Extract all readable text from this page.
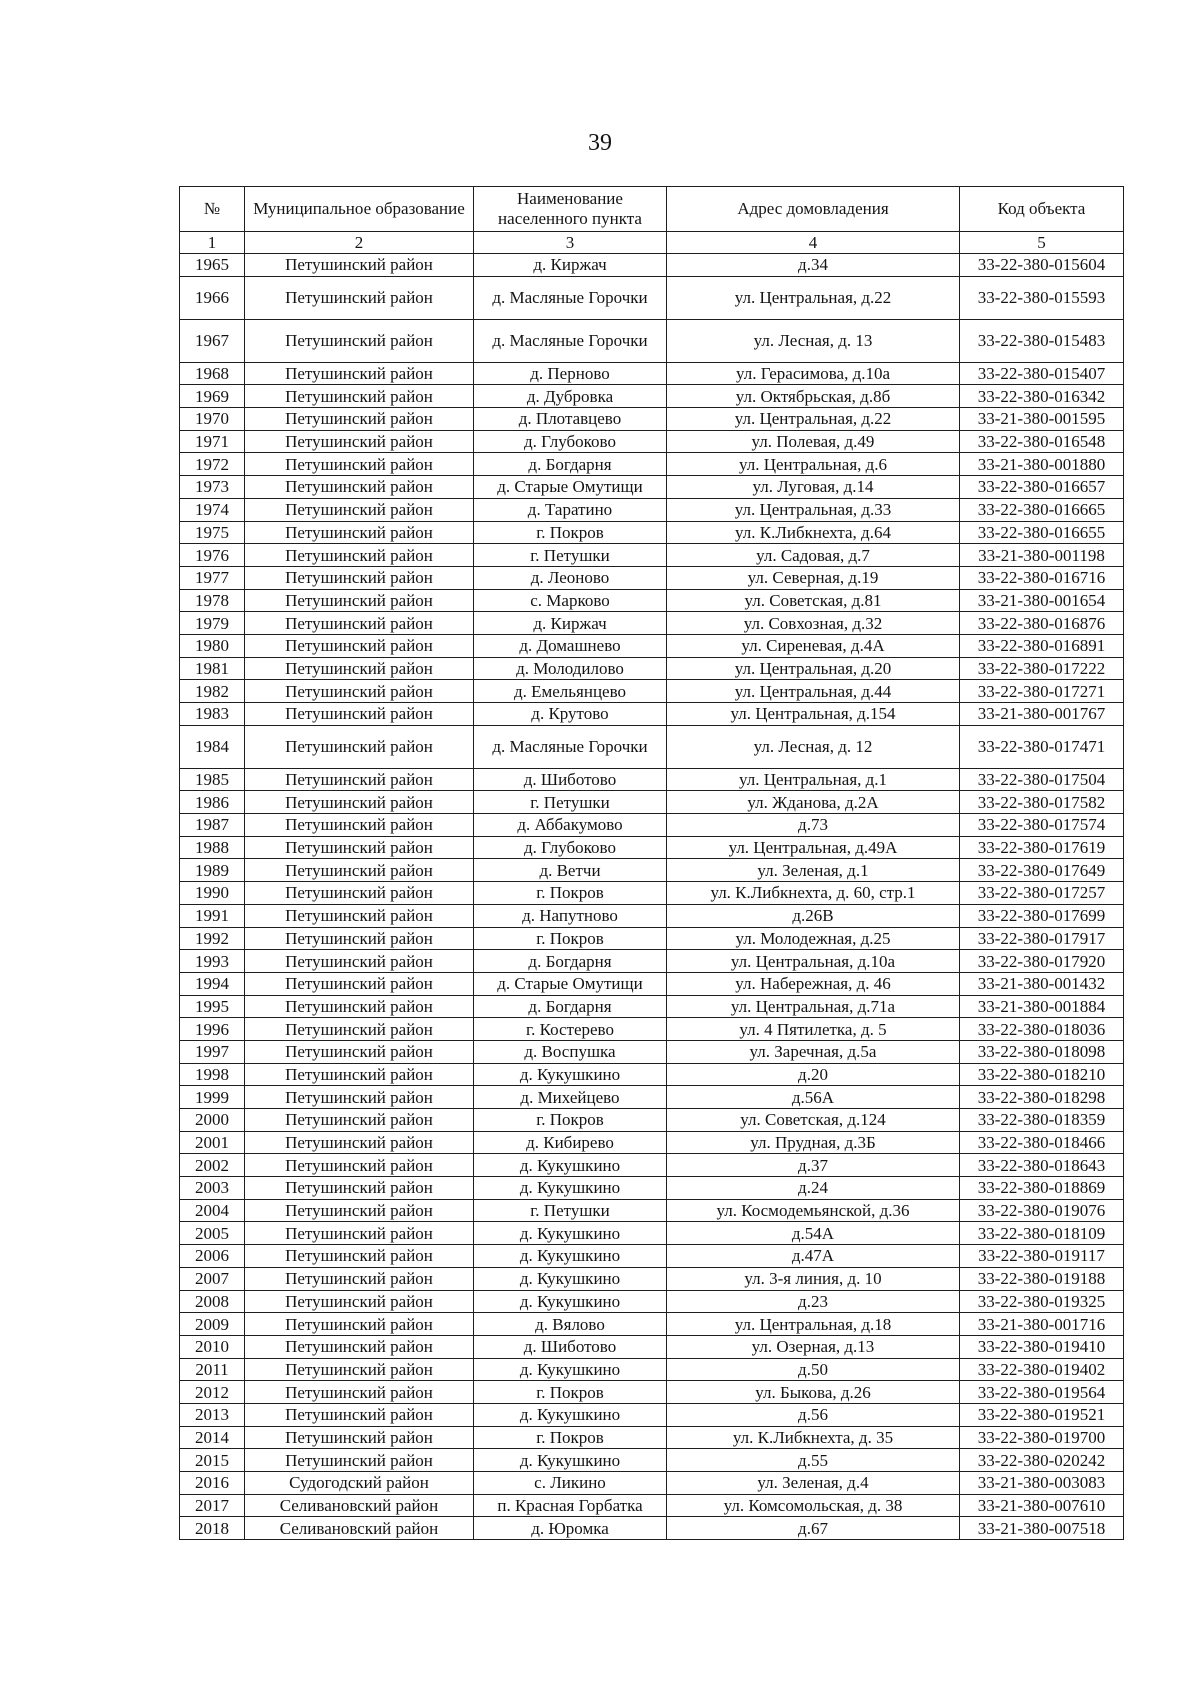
39
№	Муниципальное образование	Наименование населенного пункта	Адрес домовладения	Код объекта
1	2	3	4	5
1965	Петушинский район	д. Киржач	д.34	33-22-380-015604
1966	Петушинский район	д. Масляные Горочки	ул. Центральная, д.22	33-22-380-015593
1967	Петушинский район	д. Масляные Горочки	ул. Лесная, д. 13	33-22-380-015483
1968	Петушинский район	д. Перново	ул. Герасимова, д.10а	33-22-380-015407
1969	Петушинский район	д. Дубровка	ул. Октябрьская, д.8б	33-22-380-016342
1970	Петушинский район	д. Плотавцево	ул. Центральная, д.22	33-21-380-001595
1971	Петушинский район	д. Глубоково	ул. Полевая, д.49	33-22-380-016548
1972	Петушинский район	д. Богдарня	ул. Центральная, д.6	33-21-380-001880
1973	Петушинский район	д. Старые Омутищи	ул. Луговая, д.14	33-22-380-016657
1974	Петушинский район	д. Таратино	ул. Центральная, д.33	33-22-380-016665
1975	Петушинский район	г. Покров	ул. К.Либкнехта, д.64	33-22-380-016655
1976	Петушинский район	г. Петушки	ул. Садовая, д.7	33-21-380-001198
1977	Петушинский район	д. Леоново	ул. Северная, д.19	33-22-380-016716
1978	Петушинский район	с. Марково	ул. Советская, д.81	33-21-380-001654
1979	Петушинский район	д. Киржач	ул. Совхозная, д.32	33-22-380-016876
1980	Петушинский район	д. Домашнево	ул. Сиреневая, д.4А	33-22-380-016891
1981	Петушинский район	д. Молодилово	ул. Центральная, д.20	33-22-380-017222
1982	Петушинский район	д. Емельянцево	ул. Центральная, д.44	33-22-380-017271
1983	Петушинский район	д. Крутово	ул. Центральная, д.154	33-21-380-001767
1984	Петушинский район	д. Масляные Горочки	ул. Лесная, д. 12	33-22-380-017471
1985	Петушинский район	д. Шиботово	ул. Центральная, д.1	33-22-380-017504
1986	Петушинский район	г. Петушки	ул. Жданова, д.2А	33-22-380-017582
1987	Петушинский район	д. Аббакумово	д.73	33-22-380-017574
1988	Петушинский район	д. Глубоково	ул. Центральная, д.49А	33-22-380-017619
1989	Петушинский район	д. Ветчи	ул. Зеленая, д.1	33-22-380-017649
1990	Петушинский район	г. Покров	ул. К.Либкнехта, д. 60, стр.1	33-22-380-017257
1991	Петушинский район	д. Напутново	д.26В	33-22-380-017699
1992	Петушинский район	г. Покров	ул. Молодежная, д.25	33-22-380-017917
1993	Петушинский район	д. Богдарня	ул. Центральная, д.10а	33-22-380-017920
1994	Петушинский район	д. Старые Омутищи	ул. Набережная, д. 46	33-21-380-001432
1995	Петушинский район	д. Богдарня	ул. Центральная, д.71а	33-21-380-001884
1996	Петушинский район	г. Костерево	ул. 4 Пятилетка, д. 5	33-22-380-018036
1997	Петушинский район	д. Воспушка	ул. Заречная, д.5а	33-22-380-018098
1998	Петушинский район	д. Кукушкино	д.20	33-22-380-018210
1999	Петушинский район	д. Михейцево	д.56А	33-22-380-018298
2000	Петушинский район	г. Покров	ул. Советская, д.124	33-22-380-018359
2001	Петушинский район	д. Кибирево	ул. Прудная, д.3Б	33-22-380-018466
2002	Петушинский район	д. Кукушкино	д.37	33-22-380-018643
2003	Петушинский район	д. Кукушкино	д.24	33-22-380-018869
2004	Петушинский район	г. Петушки	ул. Космодемьянской, д.36	33-22-380-019076
2005	Петушинский район	д. Кукушкино	д.54А	33-22-380-018109
2006	Петушинский район	д. Кукушкино	д.47А	33-22-380-019117
2007	Петушинский район	д. Кукушкино	ул. 3-я линия, д. 10	33-22-380-019188
2008	Петушинский район	д. Кукушкино	д.23	33-22-380-019325
2009	Петушинский район	д. Вялово	ул. Центральная, д.18	33-21-380-001716
2010	Петушинский район	д. Шиботово	ул. Озерная, д.13	33-22-380-019410
2011	Петушинский район	д. Кукушкино	д.50	33-22-380-019402
2012	Петушинский район	г. Покров	ул. Быкова, д.26	33-22-380-019564
2013	Петушинский район	д. Кукушкино	д.56	33-22-380-019521
2014	Петушинский район	г. Покров	ул. К.Либкнехта, д. 35	33-22-380-019700
2015	Петушинский район	д. Кукушкино	д.55	33-22-380-020242
2016	Судогодский район	с. Ликино	ул. Зеленая, д.4	33-21-380-003083
2017	Селивановский район	п. Красная Горбатка	ул. Комсомольская, д. 38	33-21-380-007610
2018	Селивановский район	д. Юромка	д.67	33-21-380-007518
